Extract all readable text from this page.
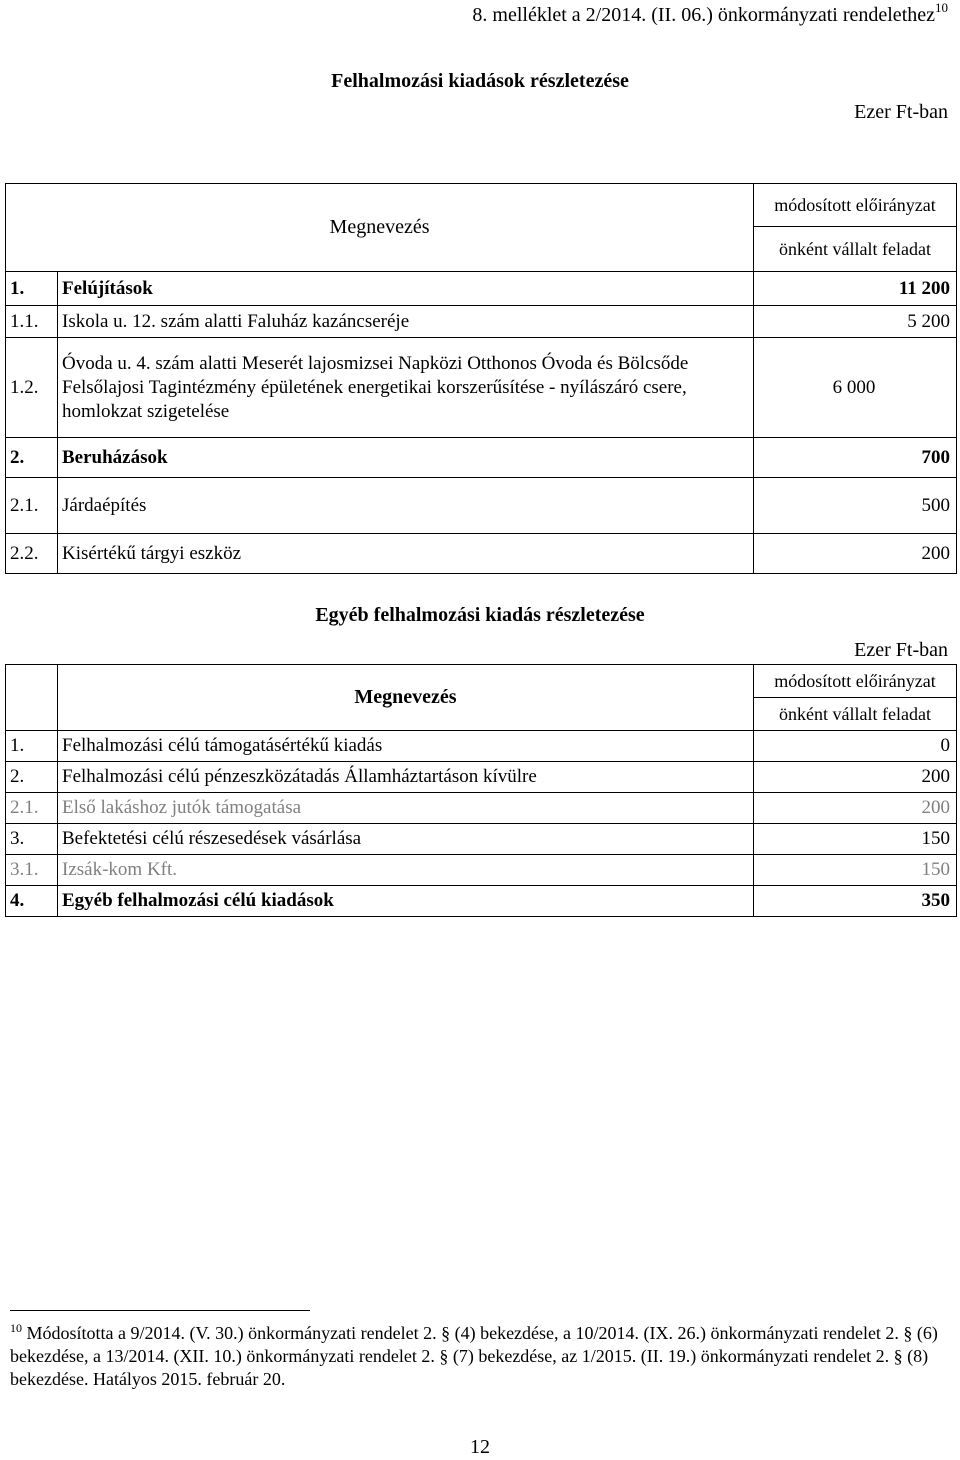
8. melléklet a 2/2014. (II. 06.) önkormányzati rendelethez$^{10}$
Felhalmozási kiadások részletezése
Ezer Ft-ban
Megnevezés		módosított előirányzat
		önként vállalt feladat
1.	Felújítások	11 200
1.1.	Iskola u. 12. szám alatti Faluház kazáncseréje	5 200
1.2.	Óvoda u. 4. szám alatti Meserét lajosmizsei Napközi Otthonos Óvoda és Bölcsőde Felsőlajosi Tagintézmény épületének energetikai korszerűsítése - nyílászáró csere, homlokzat szigetelése	6 000
2.	Beruházások	700
2.1.	Járdaépítés	500
2.2.	Kisértékű tárgyi eszköz	200
Egyéb felhalmozási kiadás részletezése
Ezer Ft-ban
	Megnevezés	módosított előirányzat
		önként vállalt feladat
1.	Felhalmozási célú támogatásértékű kiadás	0
2.	Felhalmozási célú pénzeszközátadás Államháztartáson kívülre	200
2.1.	Első lakáshoz jutók támogatása	200
3.	Befektetési célú részesedések vásárlása	150
3.1.	Izsák-kom Kft.	150
4.	Egyéb felhalmozási célú kiadások	350
$^{10}$ Módosította a 9/2014. (V. 30.) önkormányzati rendelet 2. § (4) bekezdése, a 10/2014. (IX. 26.) önkormányzati rendelet 2. § (6) bekezdése, a 13/2014. (XII. 10.) önkormányzati rendelet 2. § (7) bekezdése, az 1/2015. (II. 19.) önkormányzati rendelet 2. § (8) bekezdése. Hatályos 2015. február 20.
12
